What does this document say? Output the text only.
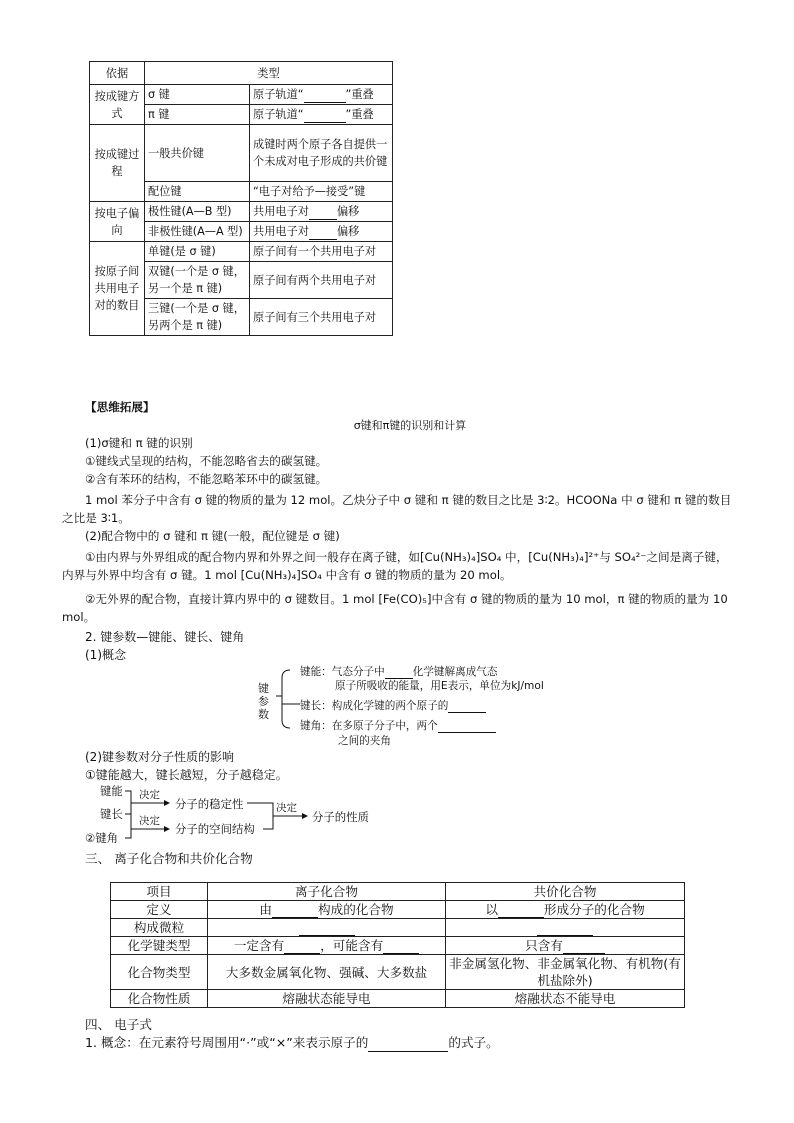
依据	类型	
按成键方式	σ 键	原子轨道“ ”重叠
	π 键	原子轨道“ ”重叠
按成键过程	一般共价键	成键时两个原子各自提供一个未成对电子形成的共价键
	配位键	“电子对给予—接受”键
按电子偏向	极性键(A—B 型)	共用电子对 偏移
	非极性键(A—A 型)	共用电子对 偏移
按原子间共用电子对的数目	单键(是 σ 键)	原子间有一个共用电子对
	双键(一个是 σ 键，另一个是 π 键)	原子间有两个共用电子对
	三键(一个是 σ 键，另两个是 π 键)	原子间有三个共用电子对
【思维拓展】
σ键和π键的识别和计算
(1)σ键和 π 键的识别
①键线式呈现的结构，不能忽略省去的碳氢键。
②含有苯环的结构，不能忽略苯环中的碳氢键。
1 mol 苯分子中含有 σ 键的物质的量为 12 mol。乙炔分子中 σ 键和 π 键的数目之比是 3∶2。HCOONa 中 σ 键和 π 键的数目之比是 3∶1。
(2)配合物中的 σ 键和 π 键(一般，配位键是 σ 键)
①由内界与外界组成的配合物内界和外界之间一般存在离子键，如[Cu(NH₃)₄]SO₄ 中，[Cu(NH₃)₄]²⁺与 SO₄²⁻之间是离子键，内界与外界中均含有 σ 键。1 mol [Cu(NH₃)₄]SO₄ 中含有 σ 键的物质的量为 20 mol。
②无外界的配合物，直接计算内界中的 σ 键数目。1 mol [Fe(CO)₅]中含有 σ 键的物质的量为 10 mol，π 键的物质的量为 10 mol。
2. 键参数—键能、键长、键角
(1)概念
键参数
键能：气态分子中	化学键解离成气态
原子所吸收的能量，用E表示，单位为kJ/mol
键长：构成化学键的两个原子的
键角：在多原子分子中，两个
之间的夹角
(2)键参数对分子性质的影响
①键能越大，键长越短，分子越稳定。
键能
键长
②键角
决定
决定
分子的稳定性
分子的空间结构
决定
分子的性质
三、 离子化合物和共价化合物
项目	离子化合物	共价化合物
定义	由 构成的化合物	以 形成分子的化合物
构成微粒		
化学键类型	一定含有 ，可能含有	只含有
化合物类型	大多数金属氧化物、强碱、大多数盐	非金属氢化物、非金属氧化物、有机物(有机盐除外)
化合物性质	熔融状态能导电	熔融状态不能导电
四、 电子式
1. 概念：在元素符号周围用“·”或“×”来表示原子的	的式子。
